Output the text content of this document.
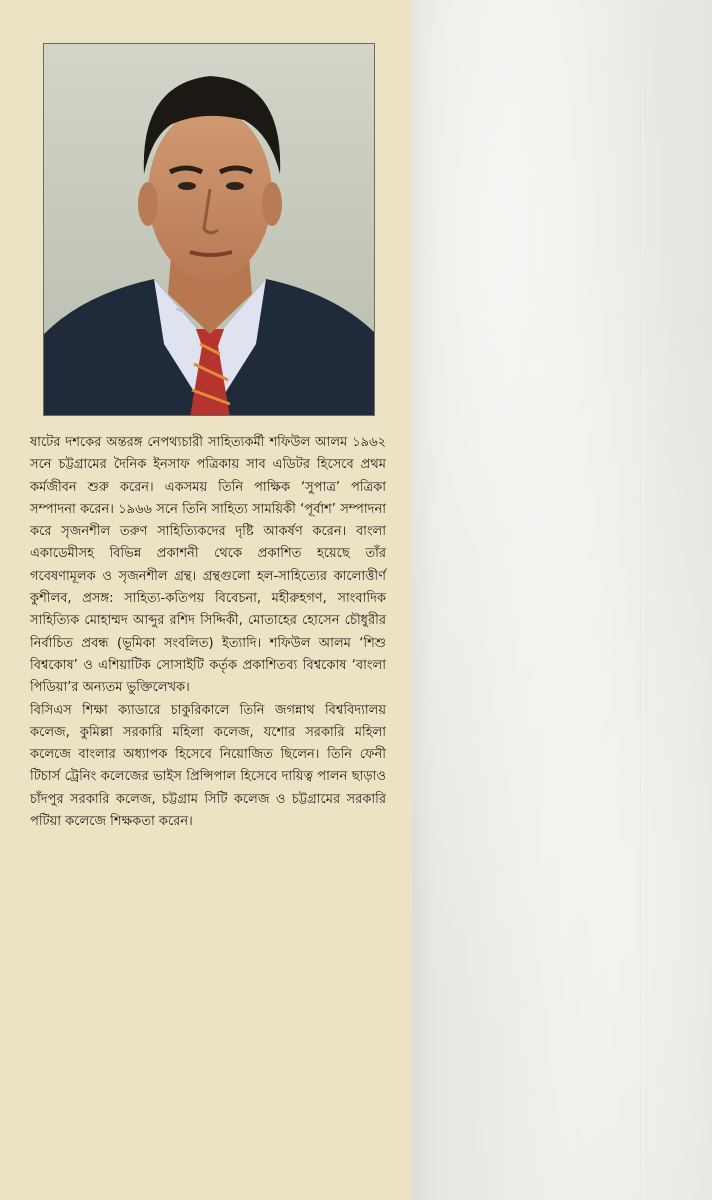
ষাটের দশকের অন্তরঙ্গ নেপথ্যচারী সাহিত্যকর্মী শফিউল আলম ১৯৬২ সনে চট্টগ্রামের দৈনিক ইনসাফ পত্রিকায় সাব এডিটর হিসেবে প্রথম কর্মজীবন শুরু করেন। একসময় তিনি পাক্ষিক ‘সুপাত্র’ পত্রিকা সম্পাদনা করেন। ১৯৬৬ সনে তিনি সাহিত্য সাময়িকী ‘পূর্বাশ’ সম্পাদনা করে সৃজনশীল তরুণ সাহিত্যিকদের দৃষ্টি আকর্ষণ করেন। বাংলা একাডেমীসহ বিভিন্ন প্রকাশনী থেকে প্রকাশিত হয়েছে তাঁর গবেষণামূলক ও সৃজনশীল গ্রন্থ। গ্রন্থগুলো হল-সাহিত্যের কালোত্তীর্ণ কুশীলব, প্রসঙ্গ: সাহিত্য-কতিপয় বিবেচনা, মহীরুহগণ, সাংবাদিক সাহিত্যিক মোহাম্মদ আব্দুর রশিদ সিদ্দিকী, মোতাহের হোসেন চৌধুরীর নির্বাচিত প্রবন্ধ (ভূমিকা সংবলিত) ইত্যাদি। শফিউল আলম ‘শিশু বিশ্বকোষ’ ও এশিয়াটিক সোসাইটি কর্তৃক প্রকাশিতব্য বিশ্বকোষ ‘বাংলা পিডিয়া’র অন্যতম ভুক্তিলেখক।

বিসিএস শিক্ষা ক্যাডারে চাকুরিকালে তিনি জগন্নাথ বিশ্ববিদ্যালয় কলেজ, কুমিল্লা সরকারি মহিলা কলেজ, যশোর সরকারি মহিলা কলেজে বাংলার অধ্যাপক হিসেবে নিয়োজিত ছিলেন। তিনি ফেনী টিচার্স ট্রেনিং কলেজের ভাইস প্রিন্সিপাল হিসেবে দায়িত্ব পালন ছাড়াও চাঁদপুর সরকারি কলেজ, চট্টগ্রাম সিটি কলেজ ও চট্টগ্রামের সরকারি পটিয়া কলেজে শিক্ষকতা করেন।
